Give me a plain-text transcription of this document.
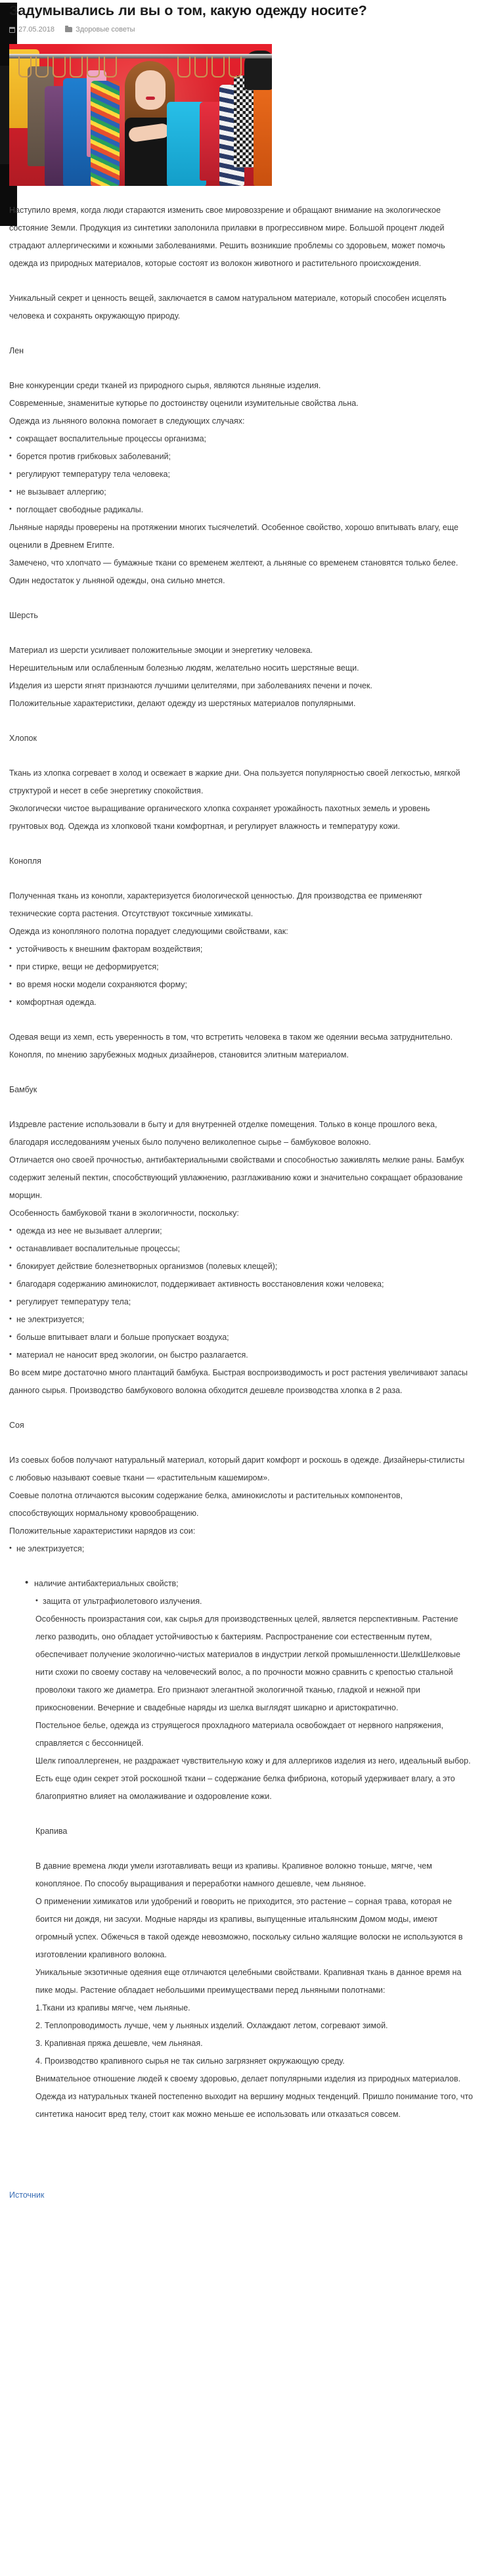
Задумывались ли вы о том, какую одежду носите?
27.05.2018	Здоровые советы

Наступило время, когда люди стараются изменить свое мировоззрение и обращают внимание на экологическое состояние Земли. Продукция из синтетики заполонила прилавки в прогрессивном мире. Большой процент людей страдают аллергическими и кожными заболеваниями. Решить возникшие проблемы со здоровьем, может помочь одежда из природных материалов, которые состоят из волокон животного и растительного происхождения.

Уникальный секрет и ценность вещей, заключается в самом натуральном материале, который способен исцелять человека и сохранять окружающую природу.

Лен

Вне конкуренции среди тканей из природного сырья, являются льняные изделия.

Современные, знаменитые кутюрье по достоинству оценили изумительные свойства льна.

Одежда из льняного волокна помогает в следующих случаях:

• сокращает воспалительные процессы организма;
• борется против грибковых заболеваний;
• регулируют температуру тела человека;
• не вызывает аллергию;
• поглощает свободные радикалы.

Льняные наряды проверены на протяжении многих тысячелетий. Особенное свойство, хорошо впитывать влагу, еще оценили в Древнем Египте.

Замечено, что хлопчато — бумажные ткани со временем желтеют, а льняные со временем становятся только белее.

Один недостаток у льняной одежды, она сильно мнется.

Шерсть

Материал из шерсти усиливает положительные эмоции и энергетику человека.

Нерешительным или ослабленным болезнью людям, желательно носить шерстяные вещи.

Изделия из шерсти ягнят признаются лучшими целителями, при заболеваниях печени и почек.

Положительные характеристики, делают одежду из шерстяных материалов популярными.

Хлопок

Ткань из хлопка согревает в холод и освежает в жаркие дни. Она пользуется популярностью своей легкостью, мягкой структурой и несет в себе энергетику спокойствия.

Экологически чистое выращивание органического хлопка сохраняет урожайность пахотных земель и уровень грунтовых вод. Одежда из хлопковой ткани комфортная, и регулирует влажность и температуру кожи.

Конопля

Полученная ткань из конопли, характеризуется биологической ценностью. Для производства ее применяют технические сорта растения. Отсутствуют токсичные химикаты.

Одежда из конопляного полотна порадует следующими свойствами, как:

• устойчивость к внешним факторам воздействия;
• при стирке, вещи не деформируется;
• во время носки модели сохраняются форму;
• комфортная одежда.

Одевая вещи из хемп, есть уверенность в том, что встретить человека в таком же одеянии весьма затруднительно. Конопля, по мнению зарубежных модных дизайнеров, становится элитным материалом.

Бамбук

Издревле растение использовали в быту и для внутренней отделке помещения. Только в конце прошлого века, благодаря исследованиям ученых было получено великолепное сырье – бамбуковое волокно.

Отличается оно своей прочностью, антибактериальными свойствами и способностью заживлять мелкие раны. Бамбук содержит зеленый пектин, способствующий увлажнению, разглаживанию кожи и значительно сокращает образование морщин.

Особенность бамбуковой ткани в экологичности, поскольку:

• одежда из нее не вызывает аллергии;
• останавливает воспалительные процессы;
• блокирует действие болезнетворных организмов (полевых клещей);
• благодаря содержанию аминокислот, поддерживает активность восстановления кожи человека;
• регулирует температуру тела;
• не электризуется;
• больше впитывает влаги и больше пропускает воздуха;
• материал не наносит вред экологии, он быстро разлагается.

Во всем мире достаточно много плантаций бамбука. Быстрая воспроизводимость и рост растения увеличивают запасы данного сырья. Производство бамбукового волокна обходится дешевле производства хлопка в 2 раза.

Соя

Из соевых бобов получают натуральный материал, который дарит комфорт и роскошь в одежде. Дизайнеры-стилисты с любовью называют соевые ткани — «растительным кашемиром».

Соевые полотна отличаются высоким содержание белка, аминокислоты и растительных компонентов, способствующих нормальному кровообращению.

Положительные характеристики нарядов из сои:

• не электризуется;
• наличие антибактериальных свойств;
• защита от ультрафиолетового излучения.

Особенность произрастания сои, как сырья для производственных целей, является перспективным. Растение легко разводить, оно обладает устойчивостью к бактериям. Распространение сои естественным путем, обеспечивает получение экологично-чистых материалов в индустрии легкой промышленности.ШелкШелковые нити схожи по своему составу на человеческий волос, а по прочности можно сравнить с крепостью стальной проволоки такого же диаметра. Его признают элегантной экологичной тканью, гладкой и нежной при прикосновении. Вечерние и свадебные наряды из шелка выглядят шикарно и аристократично.

Постельное белье, одежда из струящегося прохладного материала освобождает от нервного напряжения, справляется с бессонницей.

Шелк гипоаллергенен, не раздражает чувствительную кожу и для аллергиков изделия из него, идеальный выбор.

Есть еще один секрет этой роскошной ткани – содержание белка фибриона, который удерживает влагу, а это благоприятно влияет на омолаживание и оздоровление кожи.

Крапива

В давние времена люди умели изготавливать вещи из крапивы. Крапивное волокно тоньше, мягче, чем конопляное. По способу выращивания и переработки намного дешевле, чем льняное.

О применении химикатов или удобрений и говорить не приходится, это растение – сорная трава, которая не боится ни дождя, ни засухи. Модные наряды из крапивы, выпущенные итальянским Домом моды, имеют огромный успех. Обжечься в такой одежде невозможно, поскольку сильно жалящие волоски не используются в изготовлении крапивного волокна.

Уникальные экзотичные одеяния еще отличаются целебными свойствами. Крапивная ткань в данное время на пике моды. Растение обладает небольшими преимуществами перед льняными полотнами:

1.Ткани из крапивы мягче, чем льняные.
2. Теплопроводимость лучше, чем у льняных изделий. Охлаждают летом, согревают зимой.
3. Крапивная пряжа дешевле, чем льняная.
4. Производство крапивного сырья не так сильно загрязняет окружающую среду.

Внимательное отношение людей к своему здоровью, делает популярными изделия из природных материалов. Одежда из натуральных тканей постепенно выходит на вершину модных тенденций. Пришло понимание того, что синтетика наносит вред телу, стоит как можно меньше ее использовать или отказаться совсем.

Источник
